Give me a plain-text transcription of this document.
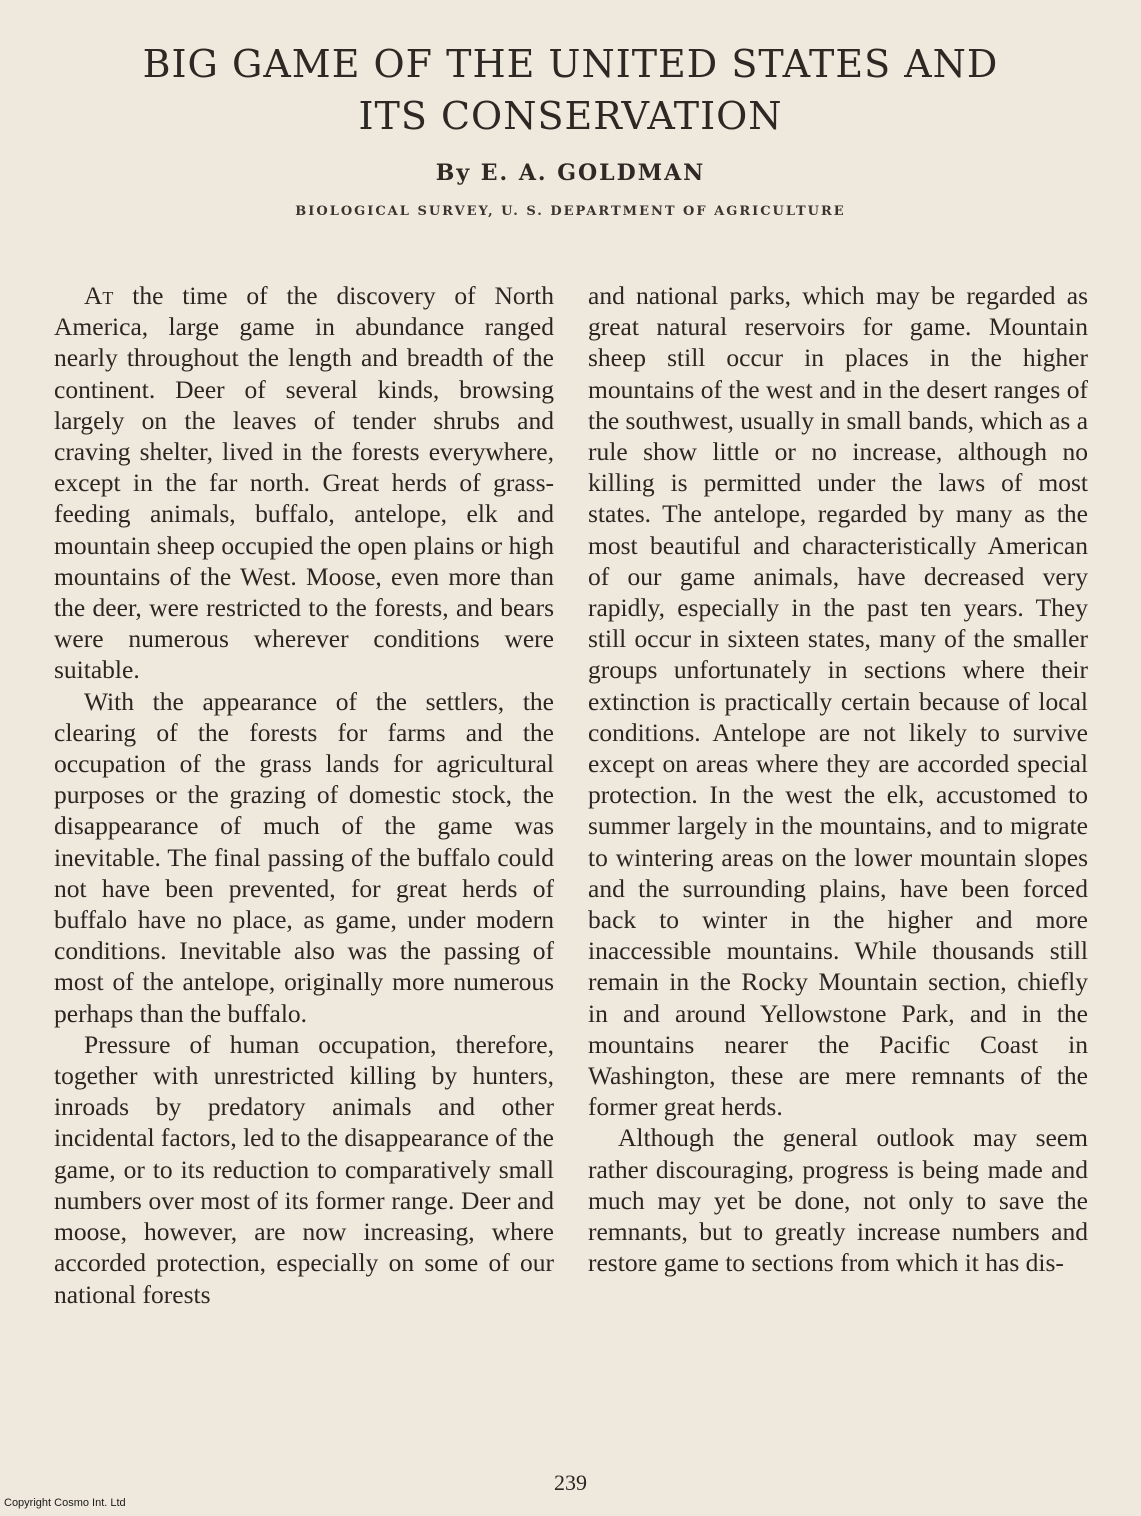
BIG GAME OF THE UNITED STATES AND
ITS CONSERVATION
By E. A. GOLDMAN
BIOLOGICAL SURVEY, U. S. DEPARTMENT OF AGRICULTURE

At the time of the discovery of North America, large game in abundance ranged nearly throughout the length and breadth of the continent. Deer of several kinds, browsing largely on the leaves of tender shrubs and craving shelter, lived in the forests everywhere, except in the far north. Great herds of grass-feeding animals, buffalo, antelope, elk and mountain sheep occupied the open plains or high mountains of the West. Moose, even more than the deer, were restricted to the forests, and bears were numerous wherever conditions were suitable.

With the appearance of the settlers, the clearing of the forests for farms and the occupation of the grass lands for agricultural purposes or the grazing of domestic stock, the disappearance of much of the game was inevitable. The final passing of the buffalo could not have been prevented, for great herds of buffalo have no place, as game, under modern conditions. Inevitable also was the passing of most of the antelope, originally more numerous perhaps than the buffalo.

Pressure of human occupation, therefore, together with unrestricted killing by hunters, inroads by predatory animals and other incidental factors, led to the disappearance of the game, or to its reduction to comparatively small numbers over most of its former range. Deer and moose, however, are now increasing, where accorded protection, especially on some of our national forests

and national parks, which may be regarded as great natural reservoirs for game. Mountain sheep still occur in places in the higher mountains of the west and in the desert ranges of the southwest, usually in small bands, which as a rule show little or no increase, although no killing is permitted under the laws of most states. The antelope, regarded by many as the most beautiful and characteristically American of our game animals, have decreased very rapidly, especially in the past ten years. They still occur in sixteen states, many of the smaller groups unfortunately in sections where their extinction is practically certain because of local conditions. Antelope are not likely to survive except on areas where they are accorded special protection. In the west the elk, accustomed to summer largely in the mountains, and to migrate to wintering areas on the lower mountain slopes and the surrounding plains, have been forced back to winter in the higher and more inaccessible mountains. While thousands still remain in the Rocky Mountain section, chiefly in and around Yellowstone Park, and in the mountains nearer the Pacific Coast in Washington, these are mere remnants of the former great herds.

Although the general outlook may seem rather discouraging, progress is being made and much may yet be done, not only to save the remnants, but to greatly increase numbers and restore game to sections from which it has dis-

239
Copyright Cosmo Int. Ltd
